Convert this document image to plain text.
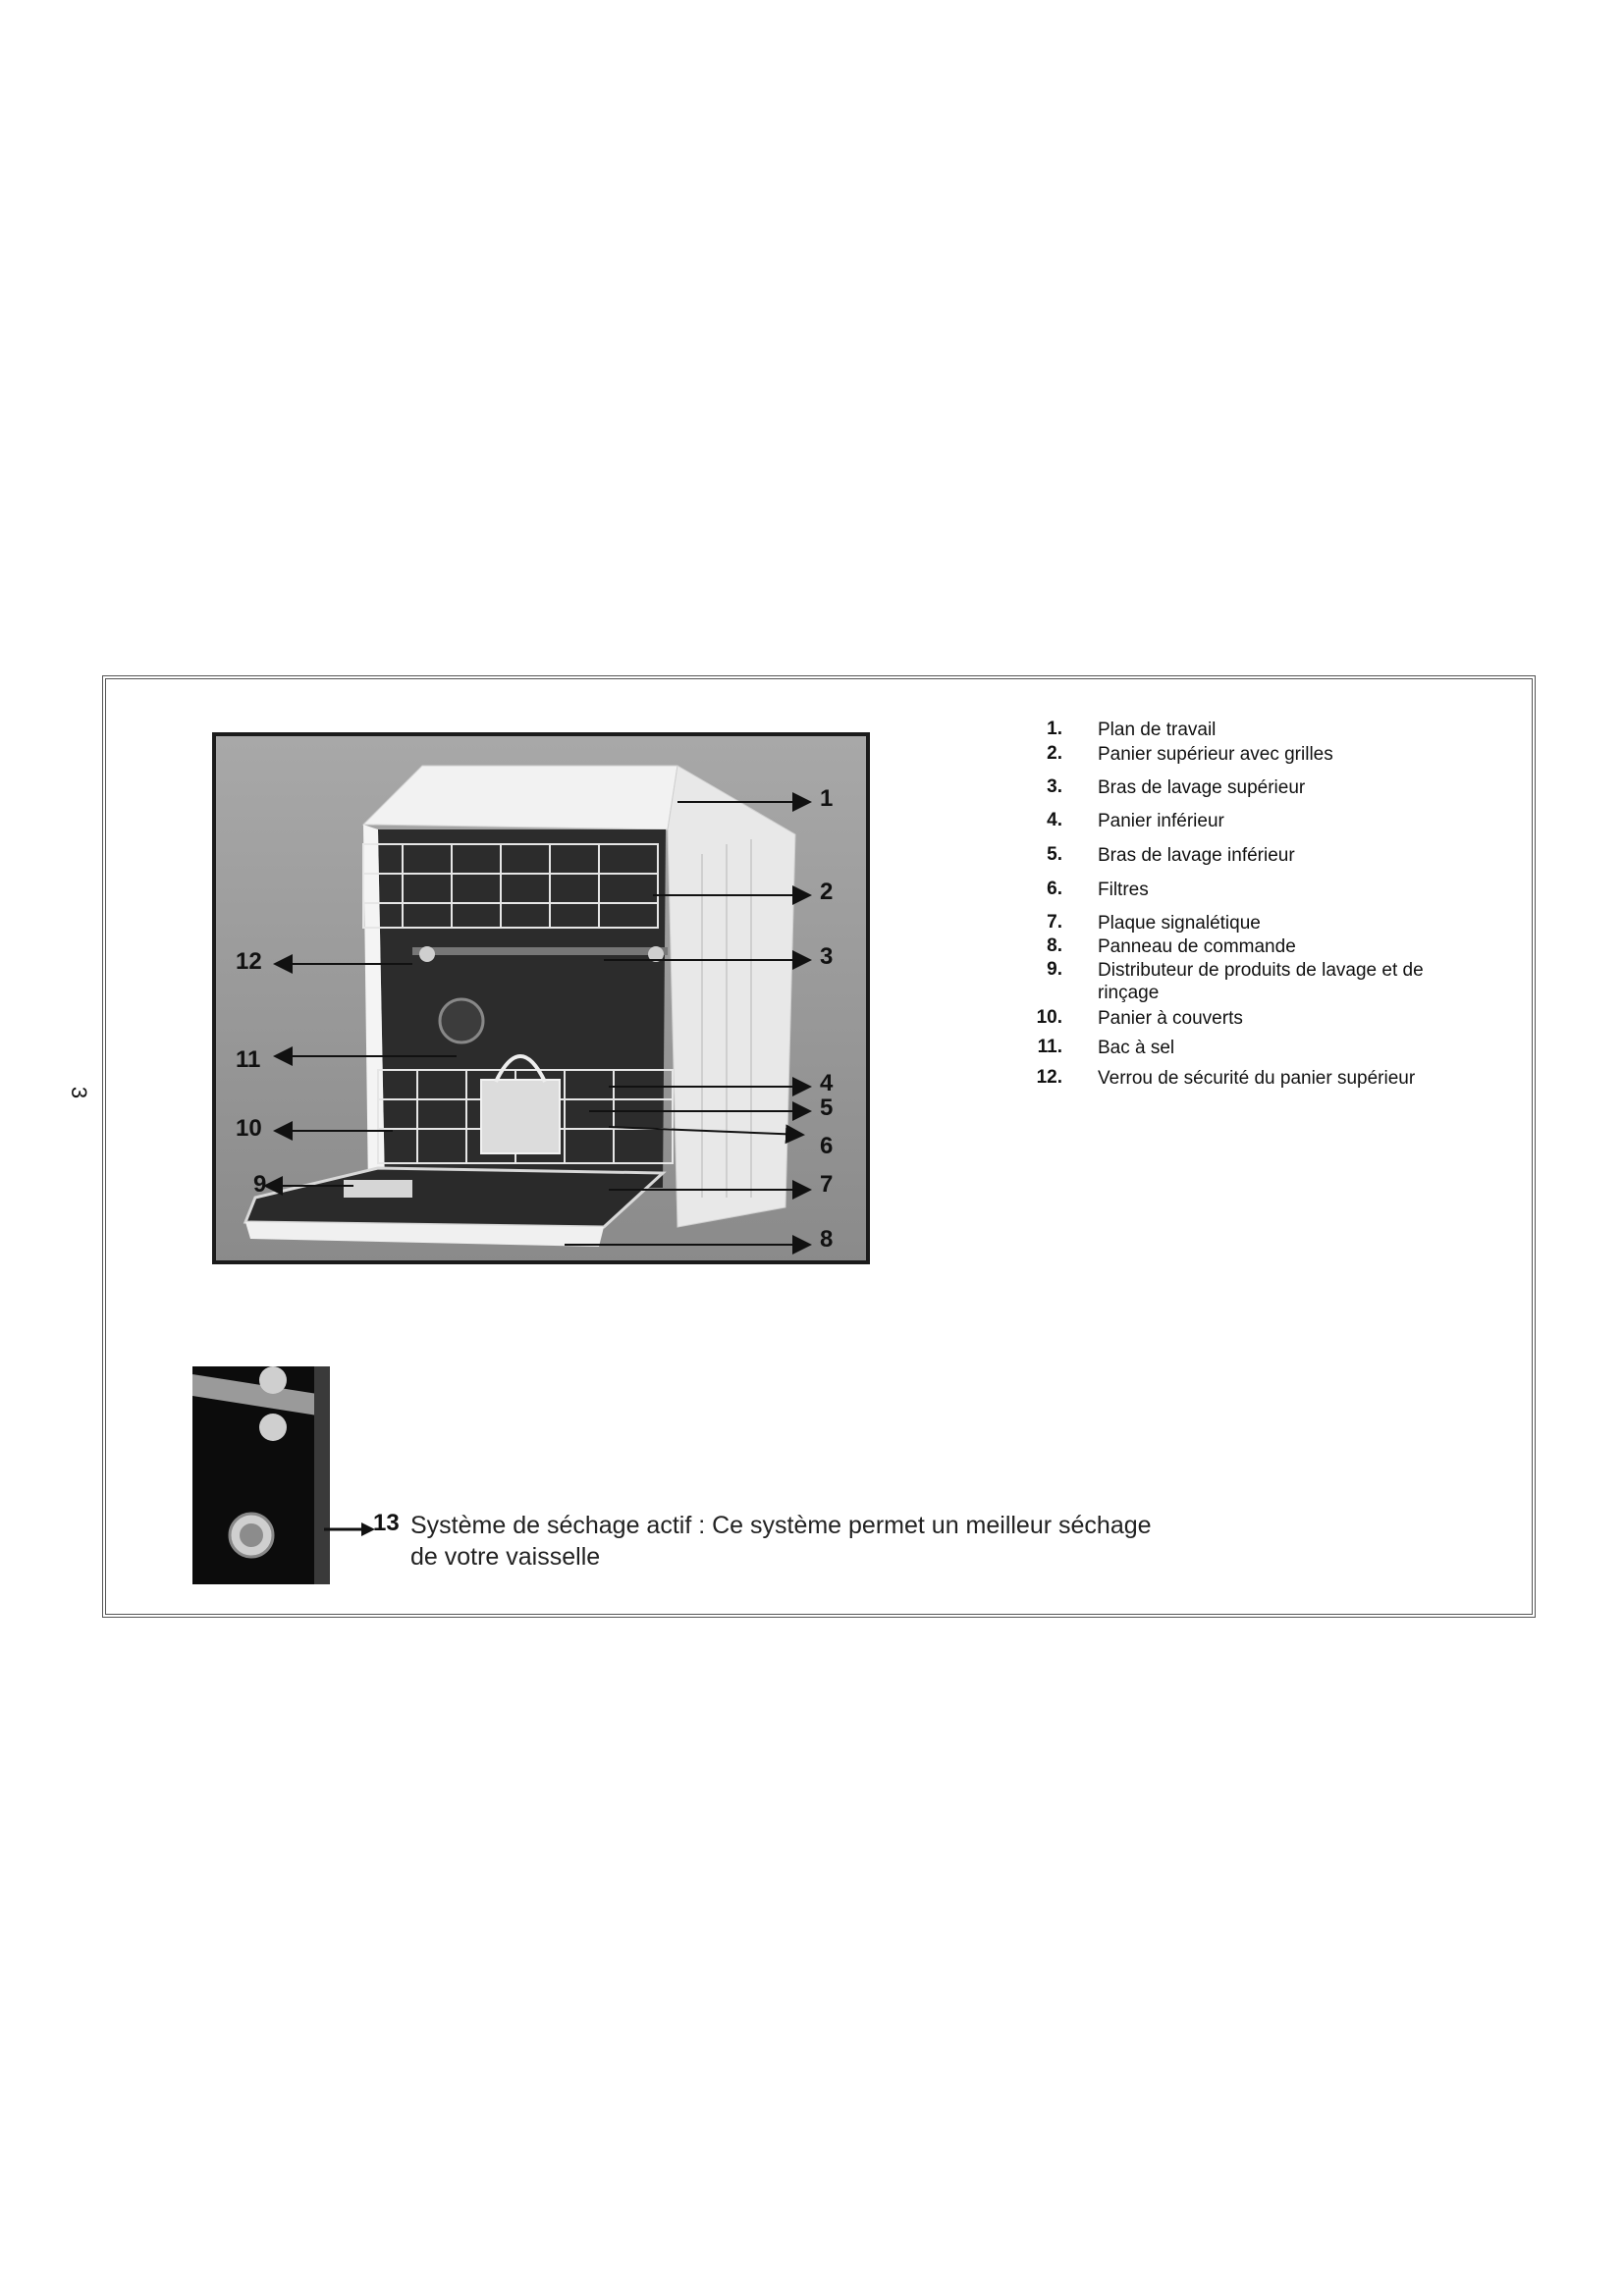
3
1
2
3
4
5
6
7
8
9
10
11
12
1. Plan de travail
2. Panier supérieur avec grilles
3. Bras de lavage supérieur
4. Panier inférieur
5. Bras de lavage inférieur
6. Filtres
7. Plaque signalétique
8. Panneau de commande
9. Distributeur de produits de lavage et de rinçage
10. Panier à couverts
11. Bac à sel
12. Verrou de sécurité du panier supérieur
13 Système de séchage actif : Ce système permet un meilleur séchage de votre vaisselle
